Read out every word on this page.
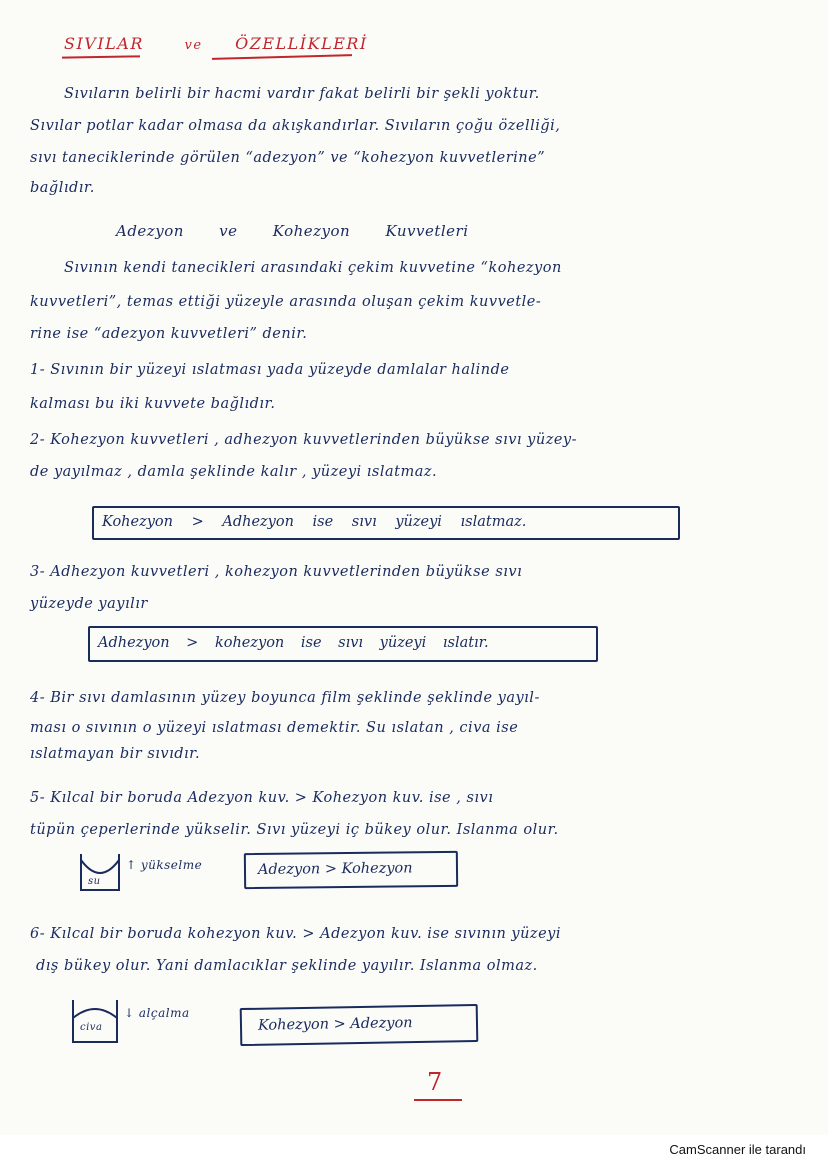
SIVILAR	ve ÖZELLİKLERİ
Sıvıların belirli bir hacmi vardır fakat belirli bir şekli yoktur.
Sıvılar potlar kadar olmasa da akışkandırlar. Sıvıların çoğu özelliği,
sıvı taneciklerinde görülen “adezyon” ve “kohezyon kuvvetlerine”
bağlıdır.
Adezyon ve Kohezyon Kuvvetleri
Sıvının kendi tanecikleri arasındaki çekim kuvvetine “kohezyon
kuvvetleri”, temas ettiği yüzeyle arasında oluşan çekim kuvvetle-
rine ise “adezyon kuvvetleri” denir.
1- Sıvının bir yüzeyi ıslatması yada yüzeyde damlalar halinde
kalması bu iki kuvvete bağlıdır.
2- Kohezyon kuvvetleri , adhezyon kuvvetlerinden büyükse sıvı yüzey-
de yayılmaz , damla şeklinde kalır , yüzeyi ıslatmaz.
Kohezyon > Adhezyon ise sıvı yüzeyi ıslatmaz.
3- Adhezyon kuvvetleri , kohezyon kuvvetlerinden büyükse sıvı
yüzeyde yayılır
Adhezyon > kohezyon ise sıvı yüzeyi ıslatır.
4- Bir sıvı damlasının yüzey boyunca film şeklinde şeklinde yayıl-
ması o sıvının o yüzeyi ıslatması demektir. Su ıslatan , civa ise
ıslatmayan bir sıvıdır.
5- Kılcal bir boruda Adezyon kuv. > Kohezyon kuv. ise , sıvı
tüpün çeperlerinde yükselir. Sıvı yüzeyi iç bükey olur. Islanma olur.
su
↑ yükselme	Adezyon > Kohezyon
6- Kılcal bir boruda kohezyon kuv. > Adezyon kuv. ise sıvının yüzeyi
dış bükey olur. Yani damlacıklar şeklinde yayılır. Islanma olmaz.
civa
↓ alçalma
Kohezyon > Adezyon
7
CamScanner ile tarandı
